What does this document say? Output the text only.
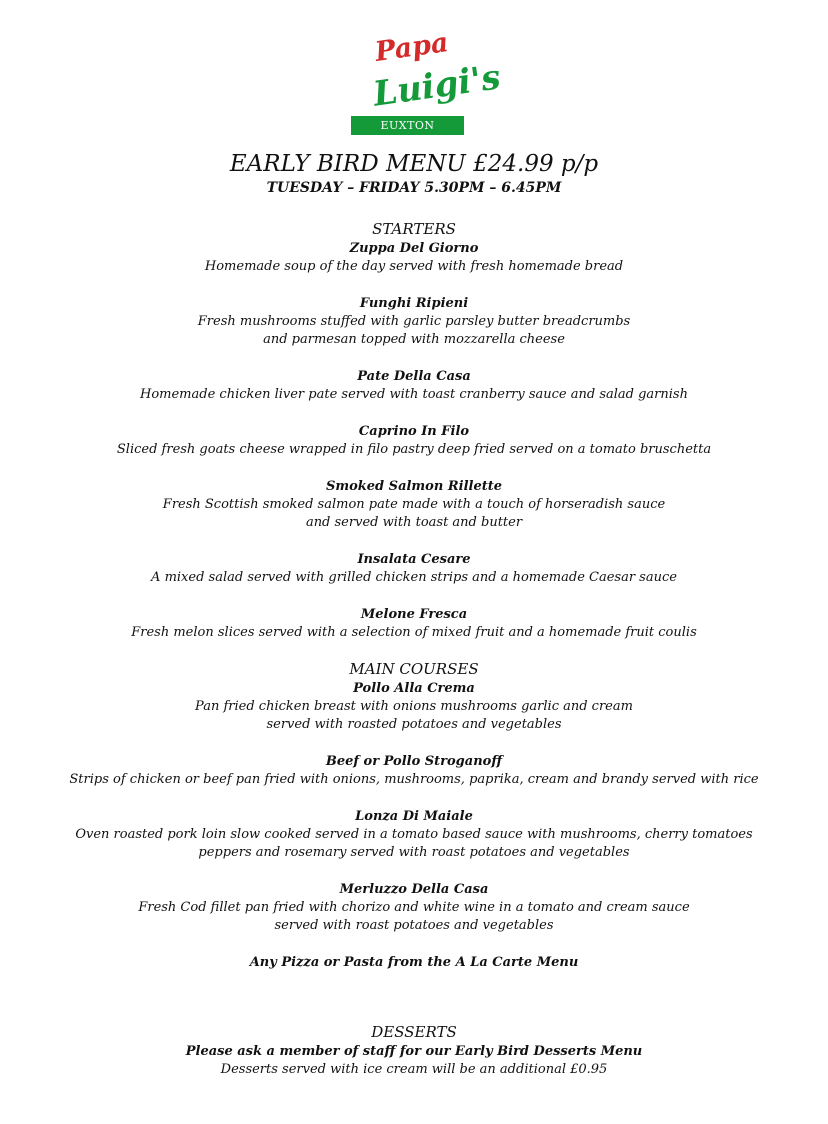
Papa
Luigi's
EUXTON
EARLY BIRD MENU £24.99 p/p
TUESDAY – FRIDAY 5.30PM – 6.45PM

STARTERS

Zuppa Del Giorno

Homemade soup of the day served with fresh homemade bread

Funghi Ripieni

Fresh mushrooms stuffed with garlic parsley butter breadcrumbs

and parmesan topped with mozzarella cheese

Pate Della Casa

Homemade chicken liver pate served with toast cranberry sauce and salad garnish

Caprino In Filo

Sliced fresh goats cheese wrapped in filo pastry deep fried served on a tomato bruschetta

Smoked Salmon Rillette

Fresh Scottish smoked salmon pate made with a touch of horseradish sauce

and served with toast and butter

Insalata Cesare

A mixed salad served with grilled chicken strips and a homemade Caesar sauce

Melone Fresca

Fresh melon slices served with a selection of mixed fruit and a homemade fruit coulis

MAIN COURSES

Pollo Alla Crema

Pan fried chicken breast with onions mushrooms garlic and cream

served with roasted potatoes and vegetables

Beef or Pollo Stroganoff

Strips of chicken or beef pan fried with onions, mushrooms, paprika, cream and brandy served with rice

Lonza Di Maiale

Oven roasted pork loin slow cooked served in a tomato based sauce with mushrooms, cherry tomatoes

peppers and rosemary served with roast potatoes and vegetables

Merluzzo Della Casa

Fresh Cod fillet pan fried with chorizo and white wine in a tomato and cream sauce

served with roast potatoes and vegetables

Any Pizza or Pasta from the A La Carte Menu

DESSERTS

Please ask a member of staff for our Early Bird Desserts Menu

Desserts served with ice cream will be an additional £0.95
